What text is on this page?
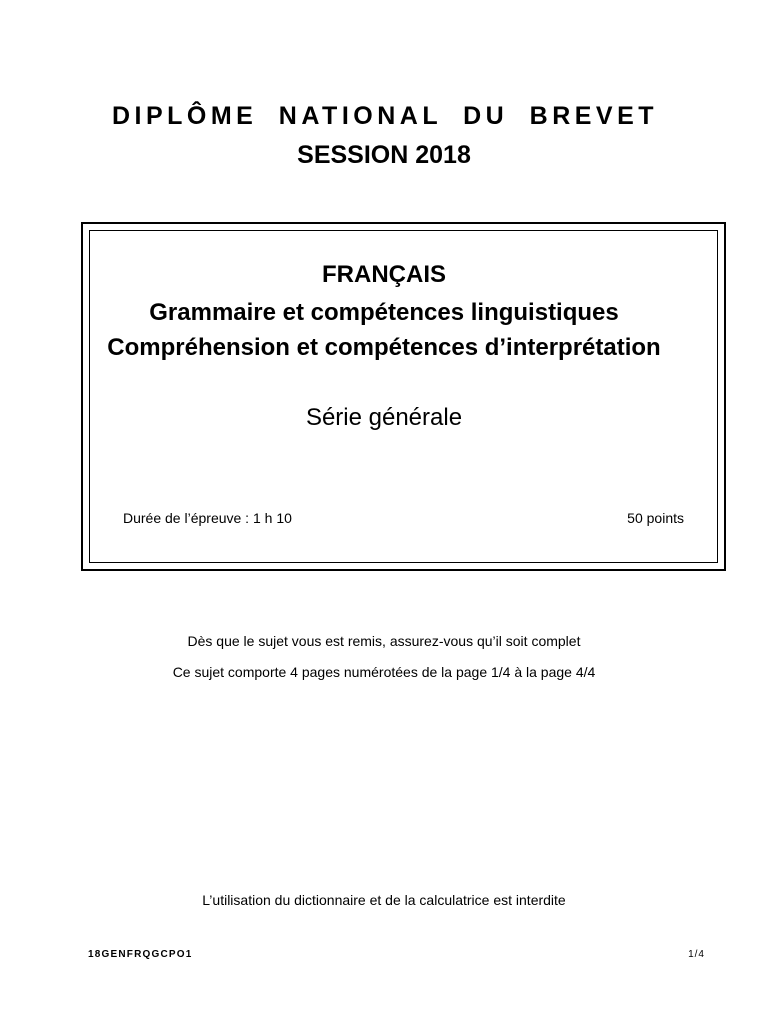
DIPLÔME NATIONAL DU BREVET
SESSION 2018
FRANÇAIS
Grammaire et compétences linguistiques
Compréhension et compétences d’interprétation
Série générale
Durée de l’épreuve : 1 h 10	50 points
Dès que le sujet vous est remis, assurez-vous qu’il soit complet
Ce sujet comporte 4 pages numérotées de la page 1/4 à la page 4/4
L’utilisation du dictionnaire et de la calculatrice est interdite
18GENFRQGCPO1	1/4
